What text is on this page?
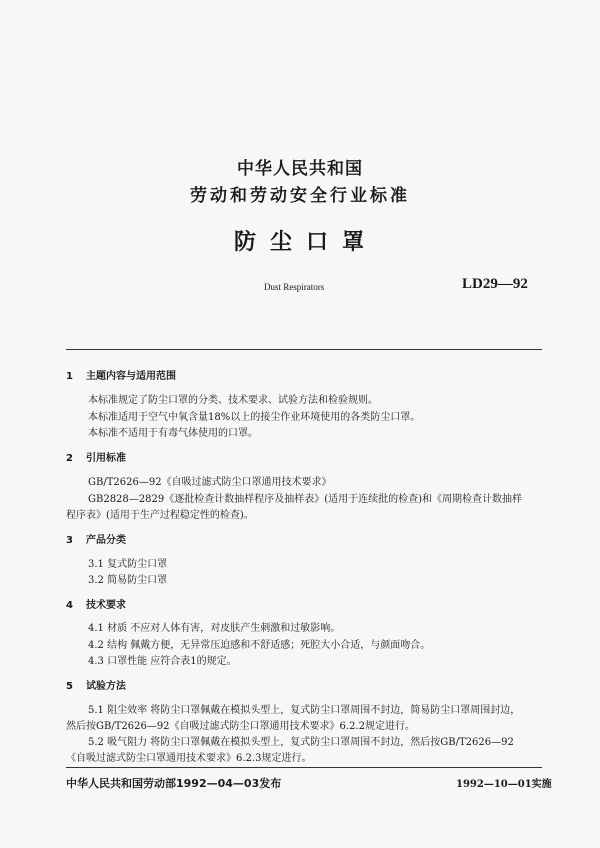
中华人民共和国
劳动和劳动安全行业标准
防尘口罩
Dust Respirators	LD29—92
1 主题内容与适用范围
本标准规定了防尘口罩的分类、技术要求、试验方法和检验规则。
本标准适用于空气中氧含量18%以上的接尘作业环境使用的各类防尘口罩。
本标准不适用于有毒气体使用的口罩。
2 引用标准
GB/T2626—92《自吸过滤式防尘口罩通用技术要求》
GB2828—2829《逐批检查计数抽样程序及抽样表》(适用于连续批的检查)和《周期检查计数抽样
程序表》(适用于生产过程稳定性的检查)。
3 产品分类
3.1 复式防尘口罩
3.2 简易防尘口罩
4 技术要求
4.1 材质 不应对人体有害，对皮肤产生刺激和过敏影响。
4.2 结构 佩戴方便，无异常压迫感和不舒适感；死腔大小合适，与颜面吻合。
4.3 口罩性能 应符合表1的规定。
5 试验方法
5.1 阻尘效率 将防尘口罩佩戴在模拟头型上，复式防尘口罩周围不封边，简易防尘口罩周围封边，
然后按GB/T2626—92《自吸过滤式防尘口罩通用技术要求》6.2.2规定进行。
5.2 吸气阻力 将防尘口罩佩戴在模拟头型上，复式防尘口罩周围不封边，然后按GB/T2626—92
《自吸过滤式防尘口罩通用技术要求》6.2.3规定进行。
中华人民共和国劳动部1992—04—03发布	1992—10—01实施
